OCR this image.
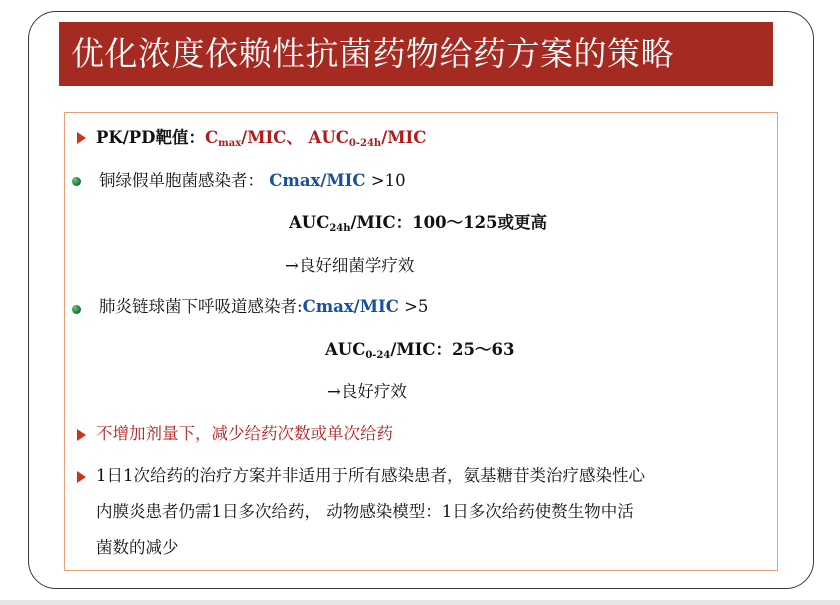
优化浓度依赖性抗菌药物给药方案的策略
PK/PD靶值：$C_{max}$/MIC、 $AUC_{0-24h}$/MIC
铜绿假单胞菌感染者： Cmax/MIC >10
$AUC_{24h}$/MIC：100～125或更高
→良好细菌学疗效
肺炎链球菌下呼吸道感染者:Cmax/MIC >5
$AUC_{0-24}$/MIC：25～63
→良好疗效
不增加剂量下，减少给药次数或单次给药
1日1次给药的治疗方案并非适用于所有感染患者，氨基糖苷类治疗感染性心
内膜炎患者仍需1日多次给药， 动物感染模型：1日多次给药使赘生物中活
菌数的减少
